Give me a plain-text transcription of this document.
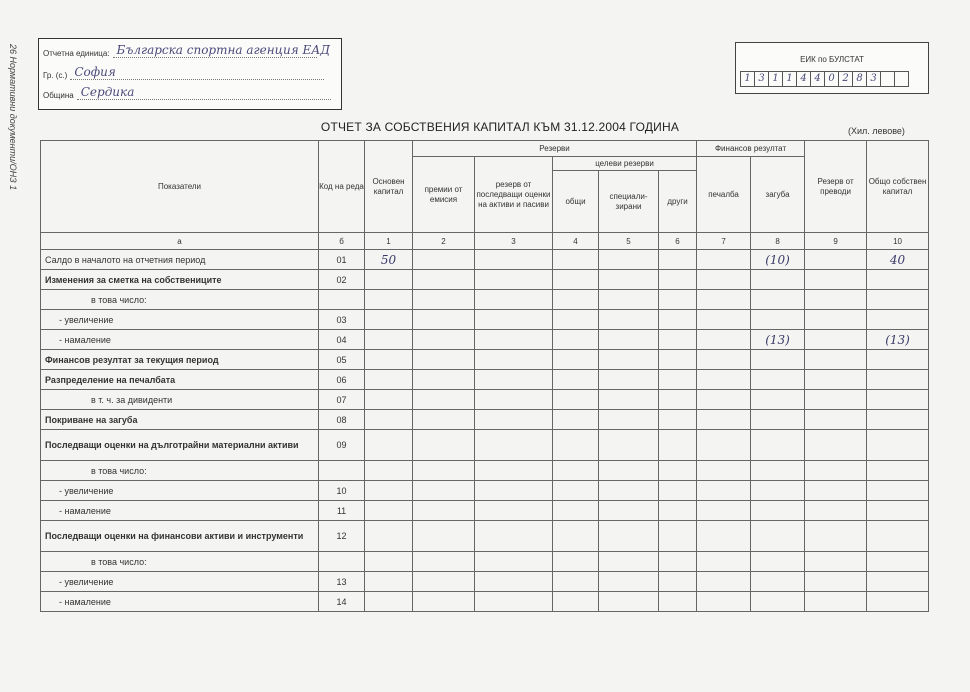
26 Нормативни документи/ОНЗ 1	Отчетна единица: Българска спортна агенция ЕАД
Гр. (с.) София
Община Сердика
ЕИК по БУЛСТАТ
1 3 1 1 4 4 0 2 8 3
ОТЧЕТ ЗА СОБСТВЕНИЯ КАПИТАЛ КЪМ 31.12.2004 ГОДИНА	(Хил. левове)
Показатели	Код на реда	Основен капитал	Резерви					Финансов резултат		Резерв от преводи	Общо собствен капитал
			премии от емисия	резерв от последващи оценки на активи и пасиви	целеви резерви			печалба	загуба		
					общи	специали-зирани	други				
а	б	1	2	3	4	5	6	7	8	9	10
Салдо в началото на отчетния период	01	50							(10)		40
Изменения за сметка на собствениците	02										
в това число:											
- увеличение	03										
- намаление	04								(13)		(13)
Финансов резултат за текущия период	05										
Разпределение на печалбата	06										
в т. ч. за дивиденти	07										
Покриване на загуба	08										
Последващи оценки на дълготрайни материални активи	09										
в това число:											
- увеличение	10										
- намаление	11										
Последващи оценки на финансови активи и инструменти	12										
в това число:											
- увеличение	13										
- намаление	14										
